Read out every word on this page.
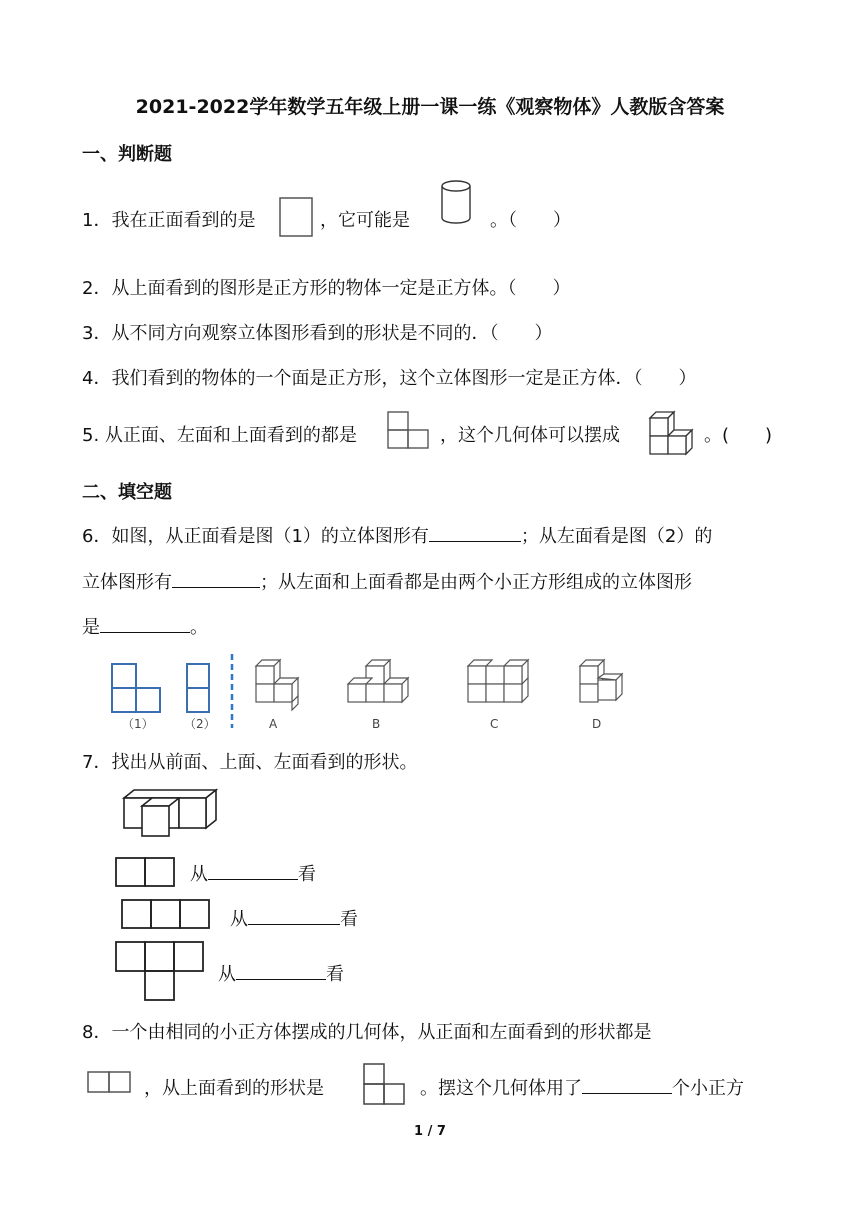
2021-2022学年数学五年级上册一课一练《观察物体》人教版含答案
一、判断题
1．我在正面看到的是	，它可能是	。（　　）
2．从上面看到的图形是正方形的物体一定是正方体。（　　）
3．从不同方向观察立体图形看到的形状是不同的．（　　）
4．我们看到的物体的一个面是正方形，这个立体图形一定是正方体．（　　）
5. 从正面、左面和上面看到的都是	，这个几何体可以摆成	。(　　)
二、填空题
6．如图，从正面看是图（1）的立体图形有	；从左面看是图（2）的
立体图形有	；从左面和上面看都是由两个小正方形组成的立体图形
是	。
（1）	（2）	A	B	C	D
7．找出从前面、上面、左面看到的形状。
从	看
从	看
从	看
8．一个由相同的小正方体摆成的几何体，从正面和左面看到的形状都是
，从上面看到的形状是	。摆这个几何体用了	个小正方
1 / 7
